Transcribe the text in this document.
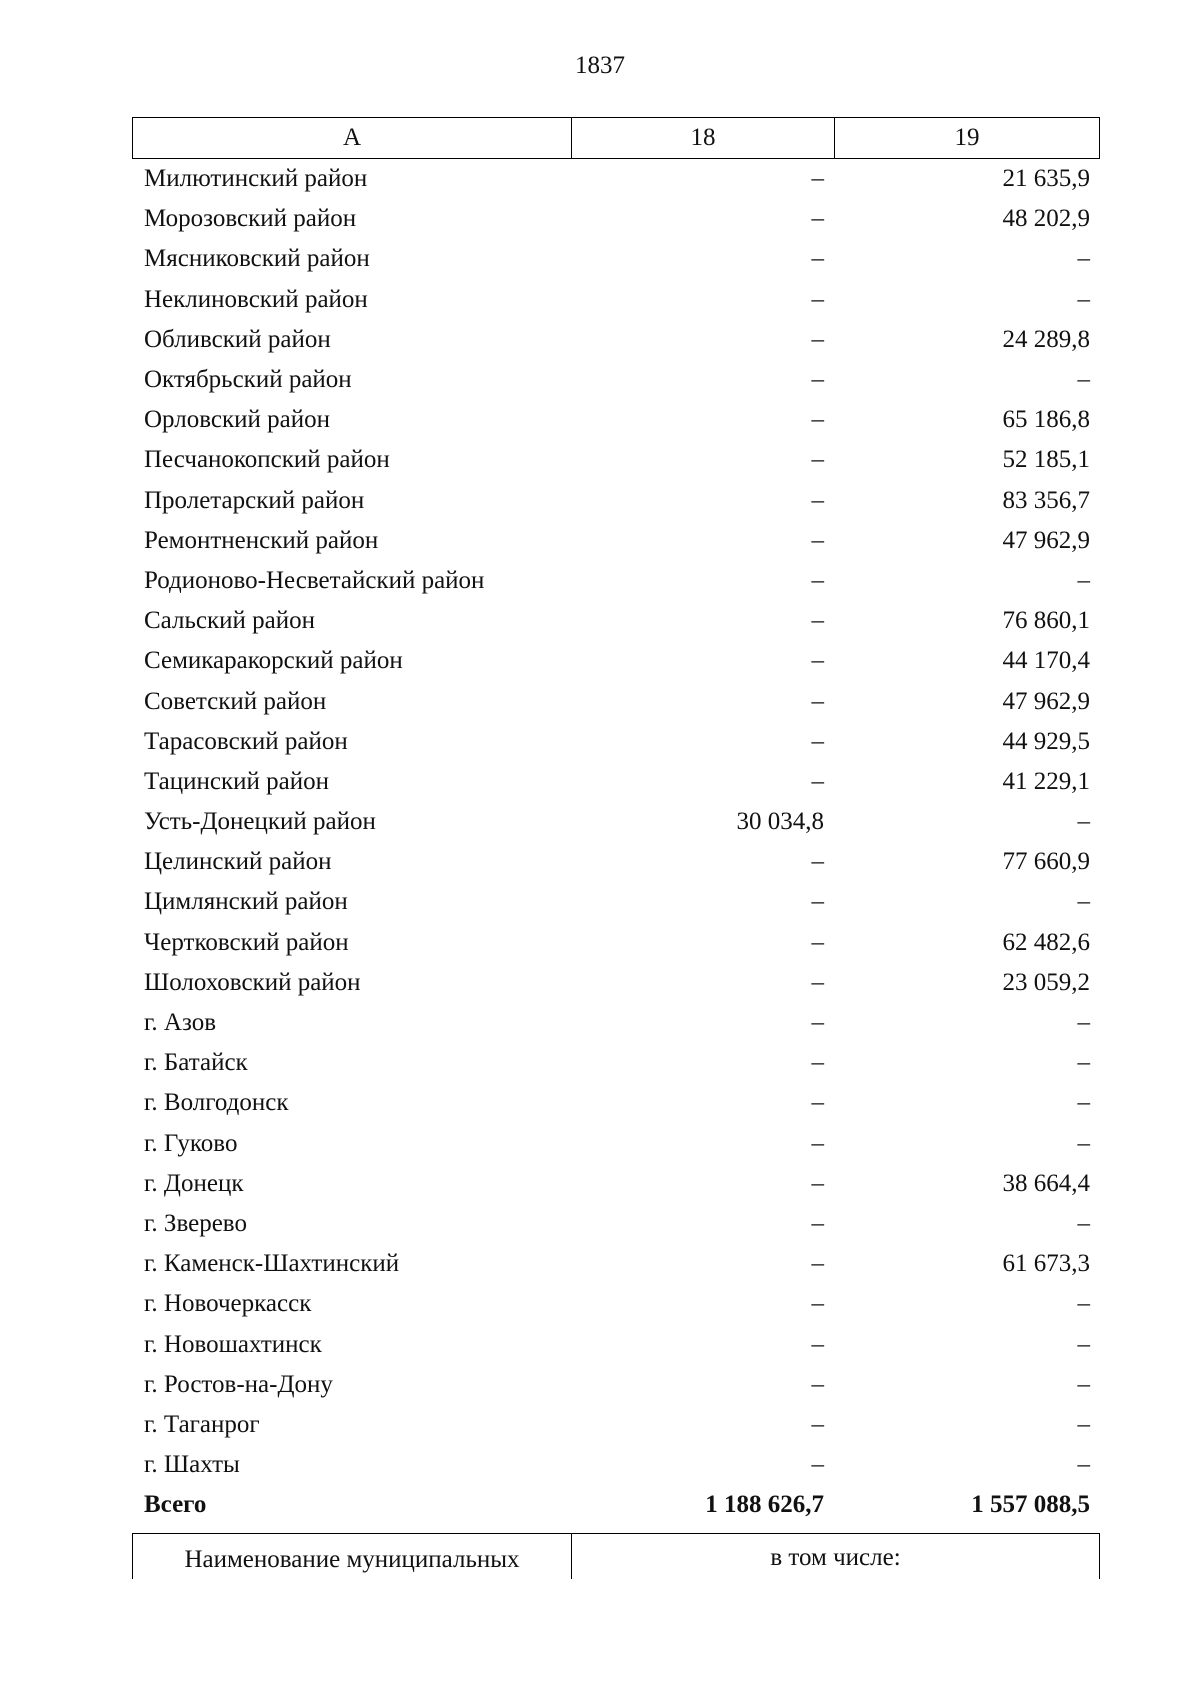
1837
А	18	19
Милютинский район	–	21 635,9
Морозовский район	–	48 202,9
Мясниковский район	–	–
Неклиновский район	–	–
Обливский район	–	24 289,8
Октябрьский район	–	–
Орловский район	–	65 186,8
Песчанокопский район	–	52 185,1
Пролетарский район	–	83 356,7
Ремонтненский район	–	47 962,9
Родионово-Несветайский район	–	–
Сальский район	–	76 860,1
Семикаракорский район	–	44 170,4
Советский район	–	47 962,9
Тарасовский район	–	44 929,5
Тацинский район	–	41 229,1
Усть-Донецкий район	30 034,8	–
Целинский район	–	77 660,9
Цимлянский район	–	–
Чертковский район	–	62 482,6
Шолоховский район	–	23 059,2
г. Азов	–	–
г. Батайск	–	–
г. Волгодонск	–	–
г. Гуково	–	–
г. Донецк	–	38 664,4
г. Зверево	–	–
г. Каменск-Шахтинский	–	61 673,3
г. Новочеркасск	–	–
г. Новошахтинск	–	–
г. Ростов-на-Дону	–	–
г. Таганрог	–	–
г. Шахты	–	–
Всего	1 188 626,7	1 557 088,5
Наименование муниципальных	в том числе:
